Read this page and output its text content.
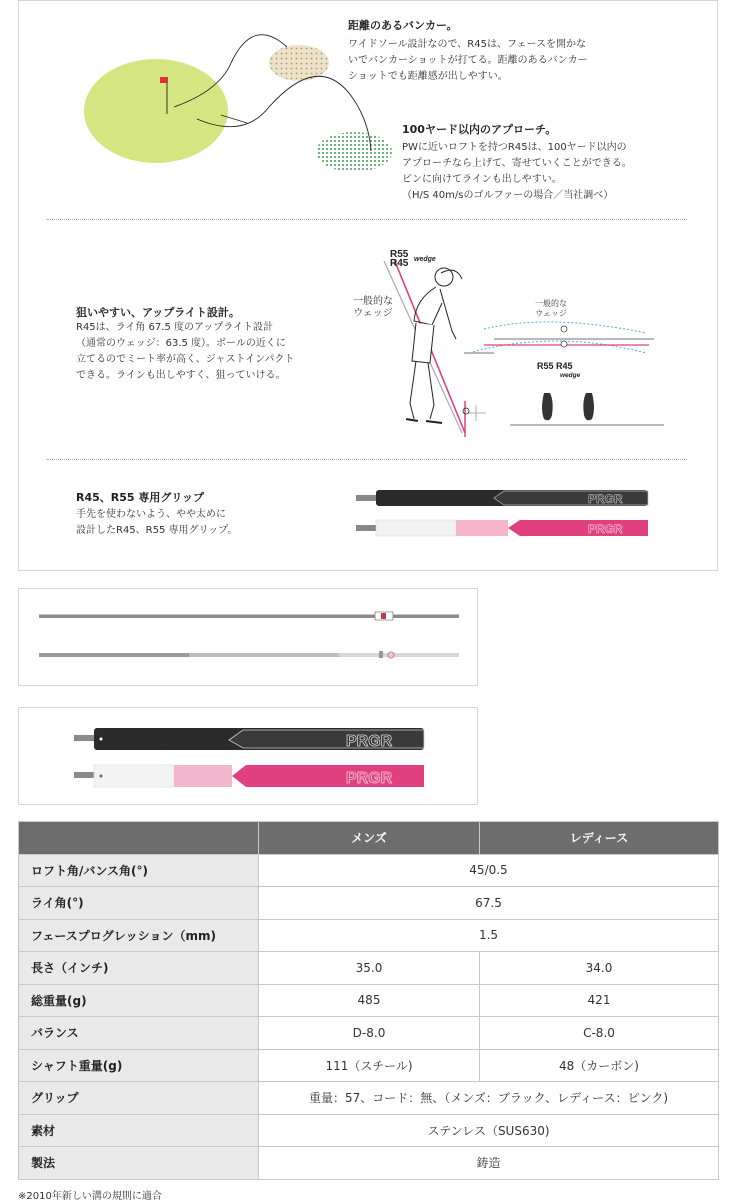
距離のあるバンカー。
ワイドソール設計なので、R45は、フェースを開かな
いでバンカーショットが打てる。距離のあるバンカー
ショットでも距離感が出しやすい。
100ヤード以内のアプローチ。
PWに近いロフトを持つR45は、100ヤード以内の
アプローチなら上げて、寄せていくことができる。
ピンに向けてラインも出しやすい。
（H/S 40m/sのゴルファーの場合／当社調べ）
狙いやすい、アップライト設計。
R45は、ライ角 67.5 度のアップライト設計
（通常のウェッジ：63.5 度）。ボールの近くに
立てるのでミート率が高く、ジャストインパクト
できる。ラインも出しやすく、狙っていける。
R55
R45 wedge
一般的な
ウェッジ
R55 R45
wedge
一般的な
ウェッジ
R45、R55 専用グリップ
手先を使わないよう、やや太めに
設計したR45、R55 専用グリップ。
PRGR
PRGR
PRGR
PRGR
	メンズ	レディース
ロフト角/バンス角(°)	45/0.5	
ライ角(°)	67.5	
フェースプログレッション（mm)	1.5	
長さ（インチ)	35.0	34.0
総重量(g)	485	421
バランス	D-8.0	C-8.0
シャフト重量(g)	111（スチール)	48（カーボン)
グリップ	重量：57、コード：無、（メンズ：ブラック、レディース：ピンク)	
素材	ステンレス（SUS630)	
製法	鋳造	
※2010年新しい溝の規則に適合
